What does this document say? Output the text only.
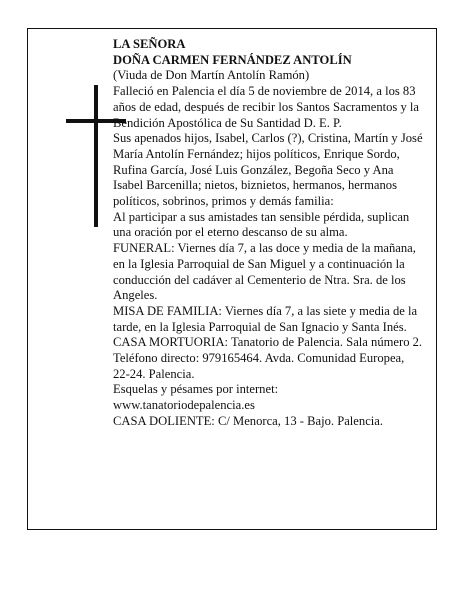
LA SEÑORA

DOÑA CARMEN FERNÁNDEZ ANTOLÍN

(Viuda de Don Martín Antolín Ramón)

Falleció en Palencia el día 5 de noviembre de 2014, a los 83 años de edad, después de recibir los Santos Sacramentos y la Bendición Apostólica de Su Santidad D. E. P.

Sus apenados hijos, Isabel, Carlos (?), Cristina, Martín y José María Antolín Fernández; hijos políticos, Enrique Sordo, Rufina García, José Luis González, Begoña Seco y Ana Isabel Barcenilla; nietos, biznietos, hermanos, hermanos políticos, sobrinos, primos y demás familia:

Al participar a sus amistades tan sensible pérdida, suplican una oración por el eterno descanso de su alma.

FUNERAL: Viernes día 7, a las doce y media de la mañana, en la Iglesia Parroquial de San Miguel y a continuación la conducción del cadáver al Cementerio de Ntra. Sra. de los Angeles.

MISA DE FAMILIA: Viernes día 7, a las siete y media de la tarde, en la Iglesia Parroquial de San Ignacio y Santa Inés.

CASA MORTUORIA: Tanatorio de Palencia. Sala número 2. Teléfono directo: 979165464. Avda. Comunidad Europea, 22-24. Palencia.

Esquelas y pésames por internet: www.tanatoriodepalencia.es

CASA DOLIENTE: C/ Menorca, 13 - Bajo. Palencia.
